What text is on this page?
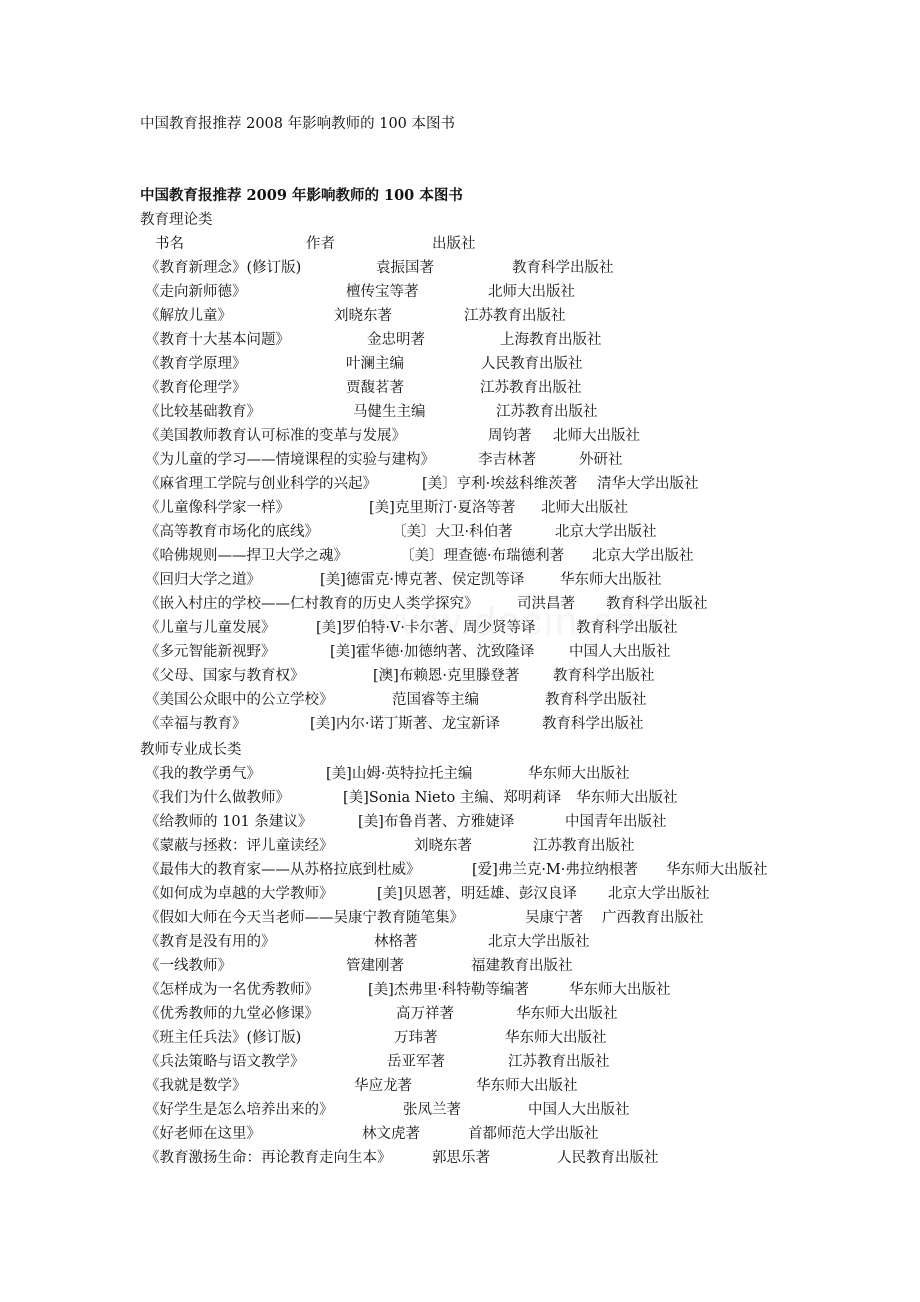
中国教育报推荐 2008 年影响教师的 100 本图书
中国教育报推荐 2009 年影响教师的 100 本图书
教育理论类
书名	作者	出版社
《教育新理念》(修订版)	袁振国著	教育科学出版社
《走向新师德》	檀传宝等著	北师大出版社
《解放儿童》	刘晓东著	江苏教育出版社
《教育十大基本问题》	金忠明著	上海教育出版社
《教育学原理》	叶澜主编	人民教育出版社
《教育伦理学》	贾馥茗著	江苏教育出版社
《比较基础教育》	马健生主编	江苏教育出版社
《美国教师教育认可标准的变革与发展》	周钧著 北师大出版社
《为儿童的学习——情境课程的实验与建构》	李吉林著	外研社
《麻省理工学院与创业科学的兴起》	[美〕亨利·埃兹科维茨著 清华大学出版社
《儿童像科学家一样》	[美]克里斯汀·夏洛等著 北师大出版社
《高等教育市场化的底线》	〔美〕大卫·科伯著	北京大学出版社
《哈佛规则——捍卫大学之魂》	〔美〕理查德·布瑞德利著 北京大学出版社
《回归大学之道》	[美]德雷克·博克著、侯定凯等译 华东师大出版社
《嵌入村庄的学校——仁村教育的历史人类学探究》	司洪昌著 教育科学出版社
《儿童与儿童发展》	[美]罗伯特·V·卡尔著、周少贤等译	教育科学出版社
《多元智能新视野》	[美]霍华德·加德纳著、沈致隆译 中国人大出版社
《父母、国家与教育权》	[澳]布赖恩·克里滕登著 教育科学出版社
《美国公众眼中的公立学校》	范国睿等主编	教育科学出版社
《幸福与教育》	[美]内尔·诺丁斯著、龙宝新译	教育科学出版社
教师专业成长类
《我的教学勇气》	[美]山姆·英特拉托主编	华东师大出版社
《我们为什么做教师》	[美]Sonia Nieto 主编、郑明莉译 华东师大出版社
《给教师的 101 条建议》	[美]布鲁肖著、方雅婕译	中国青年出版社
《蒙蔽与拯救：评儿童读经》	刘晓东著	江苏教育出版社
《最伟大的教育家——从苏格拉底到杜威》	[爱]弗兰克·M·弗拉纳根著 华东师大出版社
《如何成为卓越的大学教师》	[美]贝恩著，明廷雄、彭汉良译 北京大学出版社
《假如大师在今天当老师——吴康宁教育随笔集》	吴康宁著 广西教育出版社
《教育是没有用的》	林格著	北京大学出版社
《一线教师》	管建刚著	福建教育出版社
《怎样成为一名优秀教师》	[美]杰弗里·科特勒等编著	华东师大出版社
《优秀教师的九堂必修课》	高万祥著	华东师大出版社
《班主任兵法》(修订版)	万玮著	华东师大出版社
《兵法策略与语文教学》	岳亚军著	江苏教育出版社
《我就是数学》	华应龙著	华东师大出版社
《好学生是怎么培养出来的》	张凤兰著	中国人大出版社
《好老师在这里》	林文虎著	首都师范大学出版社
《教育激扬生命：再论教育走向生本》	郭思乐著	人民教育出版社
